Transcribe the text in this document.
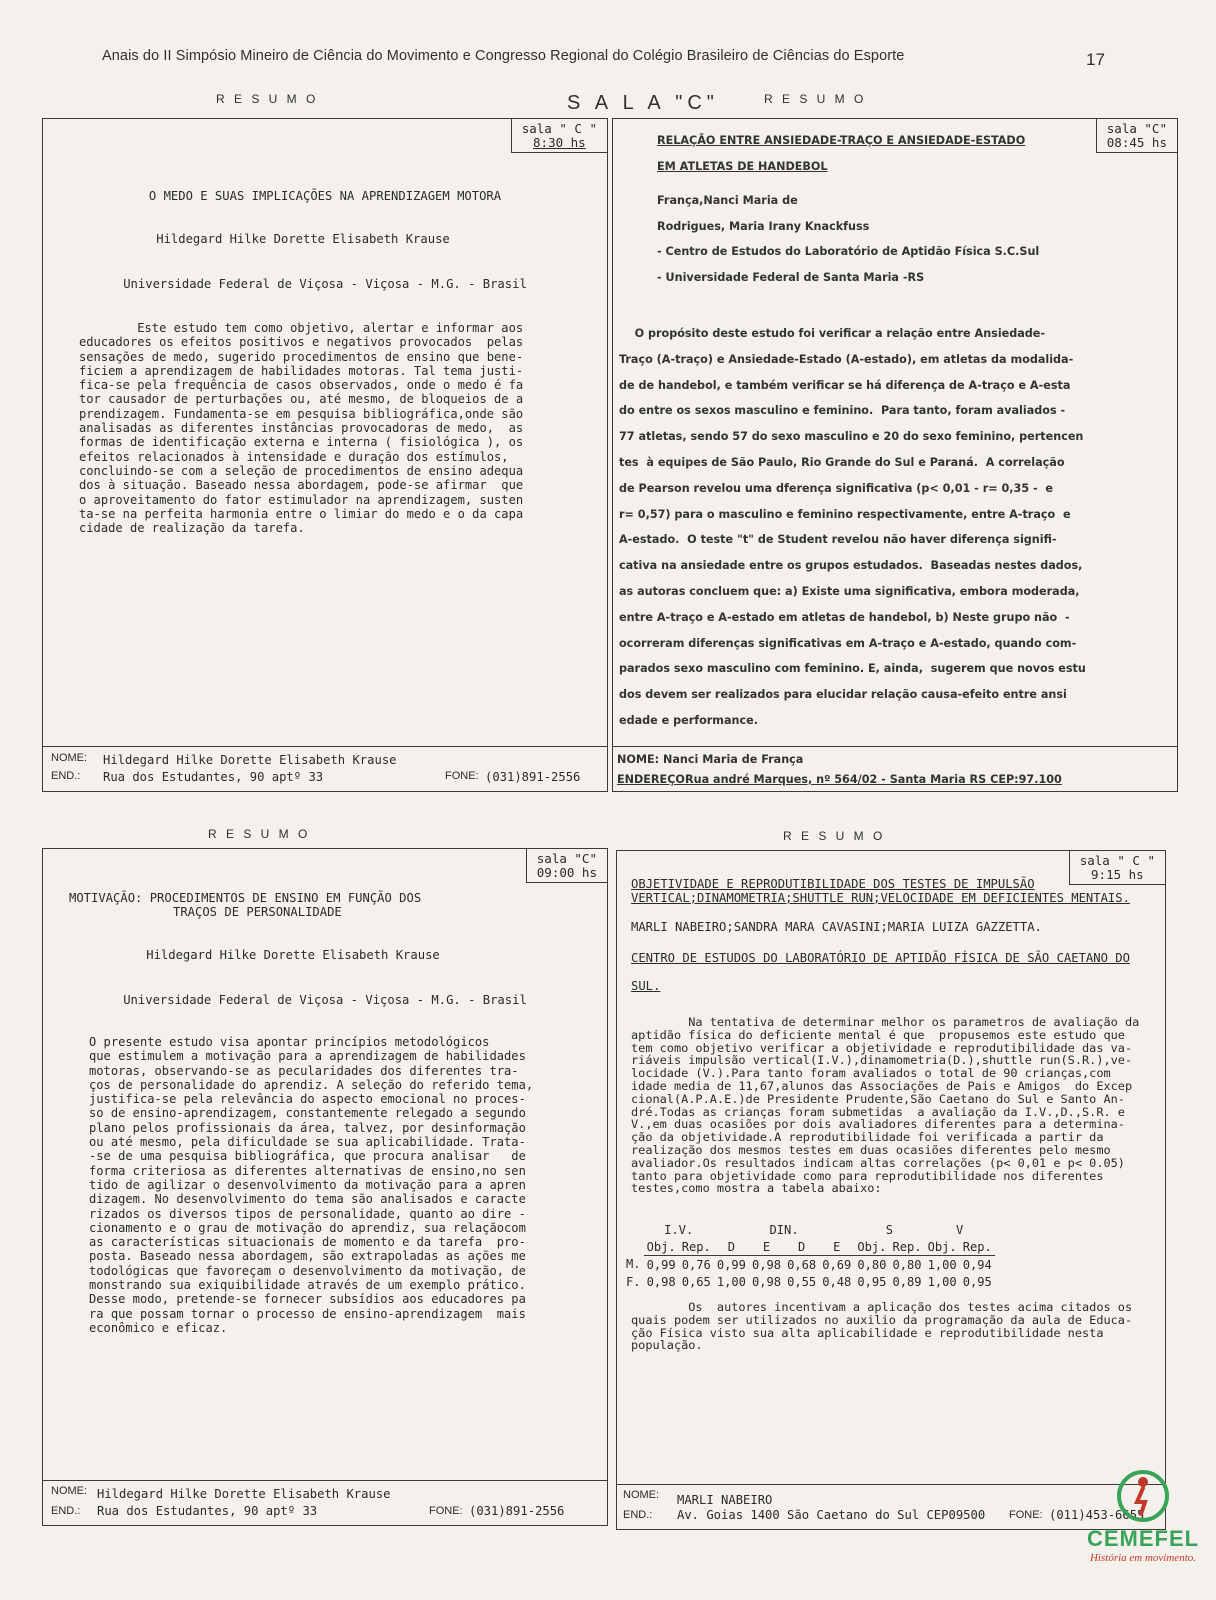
Anais do II Simpósio Mineiro de Ciência do Movimento e Congresso Regional do Colégio Brasileiro de Ciências do Esporte	17
R E S U M O	S A L A "C"	R E S U M O
R E S U M O	R E S U M O
sala " C "
8:30 hs
O MEDO E SUAS IMPLICAÇÕES NA APRENDIZAGEM MOTORA
Hildegard Hilke Dorette Elisabeth Krause
Universidade Federal de Viçosa - Viçosa - M.G. - Brasil
Este estudo tem como objetivo, alertar e informar aos
educadores os efeitos positivos e negativos provocados  pelas
sensações de medo, sugerido procedimentos de ensino que bene-
ficiem a aprendizagem de habilidades motoras. Tal tema justi-
fica-se pela frequência de casos observados, onde o medo é fa
tor causador de perturbações ou, até mesmo, de bloqueios de a
prendizagem. Fundamenta-se em pesquisa bibliográfica,onde são
analisadas as diferentes instâncias provocadoras de medo,  as
formas de identificação externa e interna ( fisiológica ), os
efeitos relacionados à intensidade e duração dos estímulos,
concluindo-se com a seleção de procedimentos de ensino adequa
dos à situação. Baseado nessa abordagem, pode-se afirmar  que
o aproveitamento do fator estimulador na aprendizagem, susten
ta-se na perfeita harmonia entre o limiar do medo e o da capa
cidade de realização da tarefa.
NOME: Hildegard Hilke Dorette Elisabeth Krause
END.: Rua dos Estudantes, 90 aptº 33	FONE: (031)891-2556
sala "C"
08:45 hs
RELAÇÃO ENTRE ANSIEDADE-TRAÇO E ANSIEDADE-ESTADO
EM ATLETAS DE HANDEBOL
França,Nanci Maria de
Rodrigues, Maria Irany Knackfuss
- Centro de Estudos do Laboratório de Aptidão Física S.C.Sul
- Universidade Federal de Santa Maria -RS
O propósito deste estudo foi verificar a relação entre Ansiedade-
Traço (A-traço) e Ansiedade-Estado (A-estado), em atletas da modalida-
de de handebol, e também verificar se há diferença de A-traço e A-esta
do entre os sexos masculino e feminino.  Para tanto, foram avaliados -
77 atletas, sendo 57 do sexo masculino e 20 do sexo feminino, pertencen
tes  à equipes de São Paulo, Rio Grande do Sul e Paraná.  A correlação
de Pearson revelou uma dferença significativa (p< 0,01 - r= 0,35 -  e
r= 0,57) para o masculino e feminino respectivamente, entre A-traço  e
A-estado.  O teste "t" de Student revelou não haver diferença signifi-
cativa na ansiedade entre os grupos estudados.  Baseadas nestes dados,
as autoras concluem que: a) Existe uma significativa, embora moderada,
entre A-traço e A-estado em atletas de handebol, b) Neste grupo não  -
ocorreram diferenças significativas em A-traço e A-estado, quando com-
parados sexo masculino com feminino. E, ainda,  sugerem que novos estu
dos devem ser realizados para elucidar relação causa-efeito entre ansi
edade e performance.
NOME: Nanci Maria de França
ENDEREÇO:
Rua andré Marques, nº 564/02 - Santa Maria RS CEP:97.100
sala "C"
09:00 hs
MOTIVAÇÃO: PROCEDIMENTOS DE ENSINO EM FUNÇÃO DOS
TRAÇOS DE PERSONALIDADE
Hildegard Hilke Dorette Elisabeth Krause
Universidade Federal de Viçosa - Viçosa - M.G. - Brasil
O presente estudo visa apontar princípios metodológicos
que estimulem a motivação para a aprendizagem de habilidades
motoras, observando-se as pecularidades dos diferentes tra-
ços de personalidade do aprendiz. A seleção do referido tema,
justifica-se pela relevância do aspecto emocional no proces-
so de ensino-aprendizagem, constantemente relegado a segundo
plano pelos profissionais da área, talvez, por desinformação
ou até mesmo, pela dificuldade se sua aplicabilidade. Trata-
-se de uma pesquisa bibliográfica, que procura analisar   de
forma criteriosa as diferentes alternativas de ensino,no sen
tido de agilizar o desenvolvimento da motivação para a apren
dizagem. No desenvolvimento do tema são analisados e caracte
rizados os diversos tipos de personalidade, quanto ao dire -
cionamento e o grau de motivação do aprendiz, sua relaçãocom
as características situacionais de momento e da tarefa  pro-
posta. Baseado nessa abordagem, são extrapoladas as ações me
todológicas que favoreçam o desenvolvimento da motivação, de
monstrando sua exiquibilidade através de um exemplo prático.
Desse modo, pretende-se fornecer subsídios aos educadores pa
ra que possam tornar o processo de ensino-aprendizagem  mais
econômico e eficaz.
NOME: Hildegard Hilke Dorette Elisabeth Krause
END.: Rua dos Estudantes, 90 aptº 33	FONE: (031)891-2556
sala " C "
9:15 hs
OBJETIVIDADE E REPRODUTIBILIDADE DOS TESTES DE IMPULSÃO
VERTICAL;DINAMOMETRIA;SHUTTLE RUN;VELOCIDADE EM DEFICIENTES MENTAIS.
MARLI NABEIRO;SANDRA MARA CAVASINI;MARIA LUIZA GAZZETTA.
CENTRO DE ESTUDOS DO LABORATÓRIO DE APTIDÃO FÍSICA DE SÃO CAETANO DO
SUL.
Na tentativa de determinar melhor os parametros de avaliação da
aptidão física do deficiente mental é que  propusemos este estudo que
tem como objetivo verificar a objetividade e reprodutibilidade das va-
riáveis impulsão vertical(I.V.),dinamometria(D.),shuttle run(S.R.),ve-
locidade (V.).Para tanto foram avaliados o total de 90 crianças,com
idade media de 11,67,alunos das Associações de Pais e Amigos  do Excep
cional(A.P.A.E.)de Presidente Prudente,São Caetano do Sul e Santo An-
dré.Todas as crianças foram submetidas  a avaliação da I.V.,D.,S.R. e
V.,em duas ocasiões por dois avaliadores diferentes para a determina-
ção da objetividade.A reprodutibilidade foi verificada a partir da
realização dos mesmos testes em duas ocasiões diferentes pelo mesmo
avaliador.Os resultados indicam altas correlações (p< 0,01 e p< 0.05)
tanto para objetividade como para reprodutibilidade nos diferentes
testes,como mostra a tabela abaixo:
	I.V.		DIN.				S		V	
	Obj.	Rep.	D	E	D	E	Obj.	Rep.	Obj.	Rep.
M.	0,99	0,76	0,99	0,98	0,68	0,69	0,80	0,80	1,00	0,94
F.	0,98	0,65	1,00	0,98	0,55	0,48	0,95	0,89	1,00	0,95
Os  autores incentivam a aplicação dos testes acima citados os
quais podem ser utilizados no auxilio da programação da aula de Educa-
ção Física visto sua alta aplicabilidade e reprodutibilidade nesta
população.
NOME: MARLI NABEIRO
END.: Av. Goias 1400 São Caetano do Sul CEP09500 FONE: (011)453-6655
CEMEFEL
História em movimento.
